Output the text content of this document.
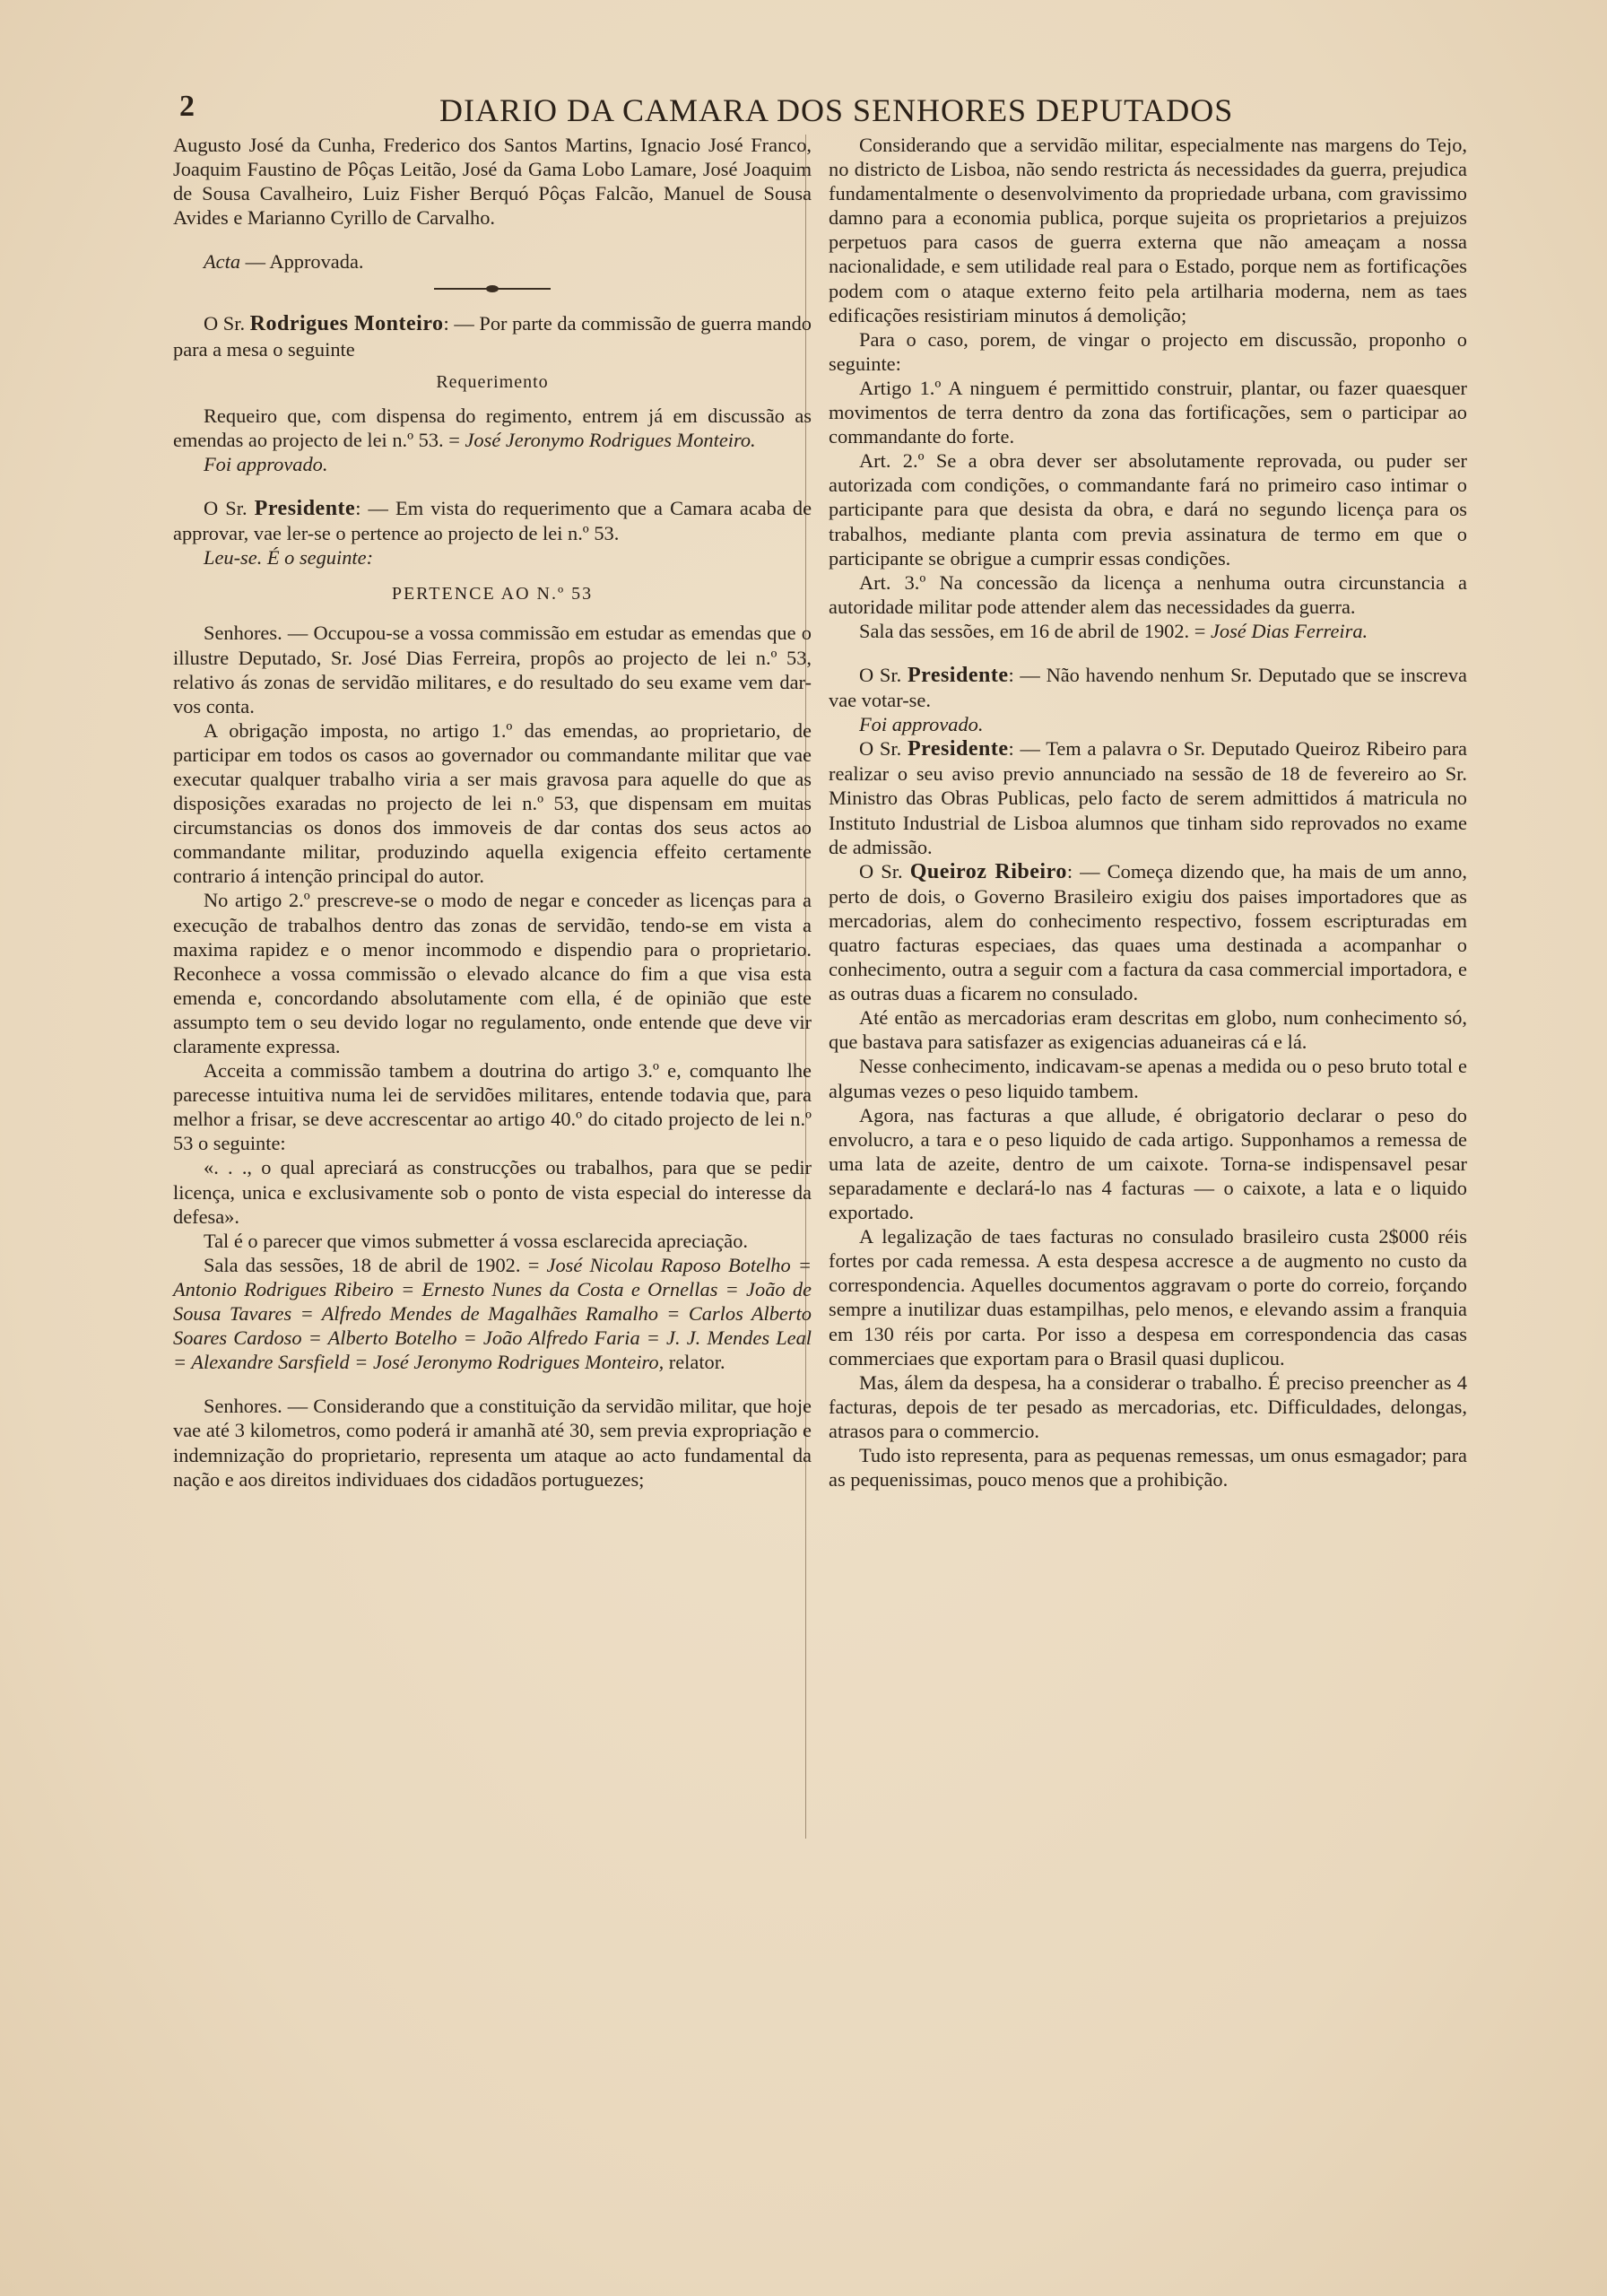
2	DIARIO DA CAMARA DOS SENHORES DEPUTADOS

Augusto José da Cunha, Frederico dos Santos Martins, Ignacio José Franco, Joaquim Faustino de Pôças Leitão, José da Gama Lobo Lamare, José Joaquim de Sousa Cavalheiro, Luiz Fisher Berquó Pôças Falcão, Manuel de Sousa Avides e Marianno Cyrillo de Carvalho.

Acta — Approvada.

O Sr. Rodrigues Monteiro: — Por parte da commissão de guerra mando para a mesa o seguinte

Requerimento

Requeiro que, com dispensa do regimento, entrem já em discussão as emendas ao projecto de lei n.º 53. = José Jeronymo Rodrigues Monteiro.

Foi approvado.

O Sr. Presidente: — Em vista do requerimento que a Camara acaba de approvar, vae ler-se o pertence ao projecto de lei n.º 53.

Leu-se. É o seguinte:

PERTENCE AO N.º 53

Senhores. — Occupou-se a vossa commissão em estudar as emendas que o illustre Deputado, Sr. José Dias Ferreira, propôs ao projecto de lei n.º 53, relativo ás zonas de servidão militares, e do resultado do seu exame vem dar-vos conta.

A obrigação imposta, no artigo 1.º das emendas, ao proprietario, de participar em todos os casos ao governador ou commandante militar que vae executar qualquer trabalho viria a ser mais gravosa para aquelle do que as disposições exaradas no projecto de lei n.º 53, que dispensam em muitas circumstancias os donos dos immoveis de dar contas dos seus actos ao commandante militar, produzindo aquella exigencia effeito certamente contrario á intenção principal do autor.

No artigo 2.º prescreve-se o modo de negar e conceder as licenças para a execução de trabalhos dentro das zonas de servidão, tendo-se em vista a maxima rapidez e o menor incommodo e dispendio para o proprietario. Reconhece a vossa commissão o elevado alcance do fim a que visa esta emenda e, concordando absolutamente com ella, é de opinião que este assumpto tem o seu devido logar no regulamento, onde entende que deve vir claramente expressa.

Acceita a commissão tambem a doutrina do artigo 3.º e, comquanto lhe parecesse intuitiva numa lei de servidões militares, entende todavia que, para melhor a frisar, se deve accrescentar ao artigo 40.º do citado projecto de lei n.º 53 o seguinte:

«. . ., o qual apreciará as construcções ou trabalhos, para que se pedir licença, unica e exclusivamente sob o ponto de vista especial do interesse da defesa».

Tal é o parecer que vimos submetter á vossa esclarecida apreciação.

Sala das sessões, 18 de abril de 1902. = José Nicolau Raposo Botelho = Antonio Rodrigues Ribeiro = Ernesto Nunes da Costa e Ornellas = João de Sousa Tavares = Alfredo Mendes de Magalhães Ramalho = Carlos Alberto Soares Cardoso = Alberto Botelho = João Alfredo Faria = J. J. Mendes Leal = Alexandre Sarsfield = José Jeronymo Rodrigues Monteiro, relator.

Senhores. — Considerando que a constituição da servidão militar, que hoje vae até 3 kilometros, como poderá ir amanhã até 30, sem previa expropriação e indemnização do proprietario, representa um ataque ao acto fundamental da nação e aos direitos individuaes dos cidadãos portuguezes;

Considerando que a servidão militar, especialmente nas margens do Tejo, no districto de Lisboa, não sendo restricta ás necessidades da guerra, prejudica fundamentalmente o desenvolvimento da propriedade urbana, com gravissimo damno para a economia publica, porque sujeita os proprietarios a prejuizos perpetuos para casos de guerra externa que não ameaçam a nossa nacionalidade, e sem utilidade real para o Estado, porque nem as fortificações podem com o ataque externo feito pela artilharia moderna, nem as taes edificações resistiriam minutos á demolição;

Para o caso, porem, de vingar o projecto em discussão, proponho o seguinte:

Artigo 1.º A ninguem é permittido construir, plantar, ou fazer quaesquer movimentos de terra dentro da zona das fortificações, sem o participar ao commandante do forte.

Art. 2.º Se a obra dever ser absolutamente reprovada, ou puder ser autorizada com condições, o commandante fará no primeiro caso intimar o participante para que desista da obra, e dará no segundo licença para os trabalhos, mediante planta com previa assinatura de termo em que o participante se obrigue a cumprir essas condições.

Art. 3.º Na concessão da licença a nenhuma outra circunstancia a autoridade militar pode attender alem das necessidades da guerra.

Sala das sessões, em 16 de abril de 1902. = José Dias Ferreira.

O Sr. Presidente: — Não havendo nenhum Sr. Deputado que se inscreva vae votar-se.

Foi approvado.

O Sr. Presidente: — Tem a palavra o Sr. Deputado Queiroz Ribeiro para realizar o seu aviso previo annunciado na sessão de 18 de fevereiro ao Sr. Ministro das Obras Publicas, pelo facto de serem admittidos á matricula no Instituto Industrial de Lisboa alumnos que tinham sido reprovados no exame de admissão.

O Sr. Queiroz Ribeiro: — Começa dizendo que, ha mais de um anno, perto de dois, o Governo Brasileiro exigiu dos paises importadores que as mercadorias, alem do conhecimento respectivo, fossem escripturadas em quatro facturas especiaes, das quaes uma destinada a acompanhar o conhecimento, outra a seguir com a factura da casa commercial importadora, e as outras duas a ficarem no consulado.

Até então as mercadorias eram descritas em globo, num conhecimento só, que bastava para satisfazer as exigencias aduaneiras cá e lá.

Nesse conhecimento, indicavam-se apenas a medida ou o peso bruto total e algumas vezes o peso liquido tambem.

Agora, nas facturas a que allude, é obrigatorio declarar o peso do envolucro, a tara e o peso liquido de cada artigo. Supponhamos a remessa de uma lata de azeite, dentro de um caixote. Torna-se indispensavel pesar separadamente e declará-lo nas 4 facturas — o caixote, a lata e o liquido exportado.

A legalização de taes facturas no consulado brasileiro custa 2$000 réis fortes por cada remessa. A esta despesa accresce a de augmento no custo da correspondencia. Aquelles documentos aggravam o porte do correio, forçando sempre a inutilizar duas estampilhas, pelo menos, e elevando assim a franquia em 130 réis por carta. Por isso a despesa em correspondencia das casas commerciaes que exportam para o Brasil quasi duplicou.

Mas, álem da despesa, ha a considerar o trabalho. É preciso preencher as 4 facturas, depois de ter pesado as mercadorias, etc. Difficuldades, delongas, atrasos para o commercio.

Tudo isto representa, para as pequenas remessas, um onus esmagador; para as pequenissimas, pouco menos que a prohibição.
